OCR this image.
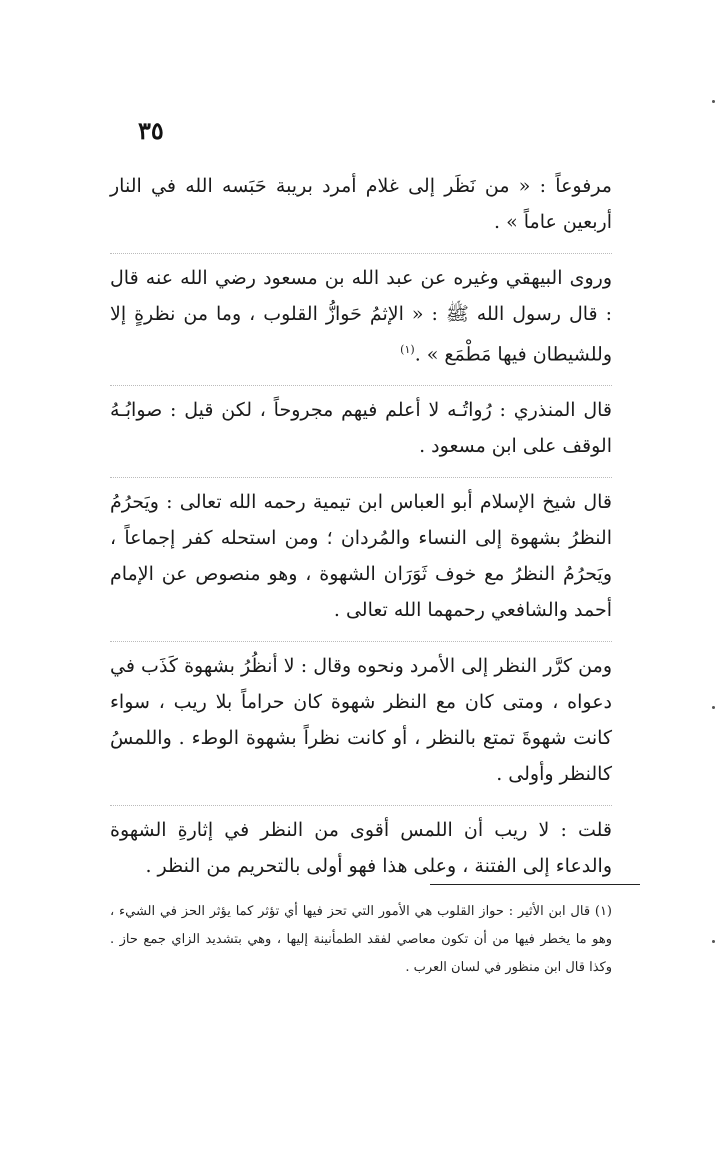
٣٥

مرفوعاً : « من نَظَر إلى غلام أمرد بريبة حَبَسه الله في النار أربعين عاماً » .

وروى البيهقي وغيره عن عبد الله بن مسعود رضي الله عنه قال : قال رسول الله ﷺ : « الإثمُ حَوازُّ القلوب ، وما من نظرةٍ إلا وللشيطان فيها مَطْمَع » .$^{(١)}$

قال المنذري : رُواتُـه لا أعلم فيهم مجروحاً ، لكن قيل : صوابُـهُ الوقف على ابن مسعود .

قال شيخ الإسلام أبو العباس ابن تيمية رحمه الله تعالى : ويَحرُمُ النظرُ بشهوة إلى النساء والمُردان ؛ ومن استحله كفر إجماعاً ، ويَحرُمُ النظرُ مع خوف ثَوَرَان الشهوة ، وهو منصوص عن الإمام أحمد والشافعي رحمهما الله تعالى .

ومن كرَّر النظر إلى الأمرد ونحوه وقال : لا أنظُرُ بشهوة كَذَب في دعواه ، ومتى كان مع النظر شهوة كان حراماً بلا ريب ، سواء كانت شهوةَ تمتع بالنظر ، أو كانت نظراً بشهوة الوطء . واللمسُ كالنظر وأولى .

قلت : لا ريب أن اللمس أقوى من النظر في إثارةِ الشهوة والدعاء إلى الفتنة ، وعلى هذا فهو أولى بالتحريم من النظر .

(١) قال ابن الأثير : حواز القلوب هي الأمور التي تحز فيها أي تؤثر كما يؤثر الحز في الشيء ، وهو ما يخطر فيها من أن تكون معاصي لفقد الطمأنينة إليها ، وهي بتشديد الزاي جمع حاز . وكذا قال ابن منظور في لسان العرب .
